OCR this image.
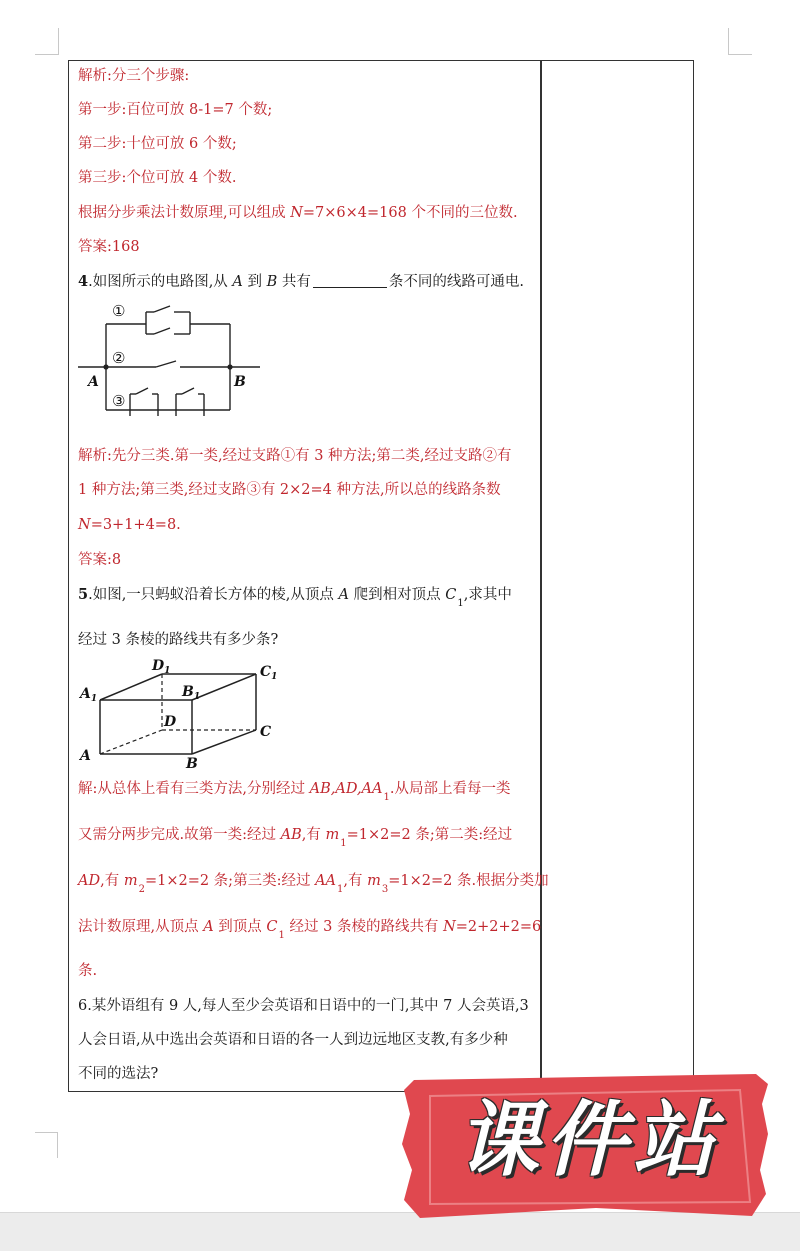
解析:分三个步骤:
第一步:百位可放 8-1=7 个数;
第二步:十位可放 6 个数;
第三步:个位可放 4 个数.
根据分步乘法计数原理,可以组成 N=7×6×4=168 个不同的三位数.
答案:168
4.如图所示的电路图,从 A 到 B 共有	条不同的线路可通电.
①
②
③
A	B
解析:先分三类.第一类,经过支路①有 3 种方法;第二类,经过支路②有
1 种方法;第三类,经过支路③有 2×2=4 种方法,所以总的线路条数
N=3+1+4=8.
答案:8
5.如图,一只蚂蚁沿着长方体的棱,从顶点 A 爬到相对顶点 $C_1$,求其中
经过 3 条棱的路线共有多少条?
$D_1$	$C_1$
$A_1$	$B_1$
D
C
A	B
解:从总体上看有三类方法,分别经过 $AB,AD,AA_1$.从局部上看每一类
又需分两步完成.故第一类:经过 AB,有 $m_1=1\times 2=2$ 条;第二类:经过
AD,有 $m_2=1\times 2=2$ 条;第三类:经过 $AA_1$,有 $m_3=1\times 2=2$ 条.根据分类加
法计数原理,从顶点 A 到顶点 $C_1$ 经过 3 条棱的路线共有 N=2+2+2=6
条.
6.某外语组有 9 人,每人至少会英语和日语中的一门,其中 7 人会英语,3
人会日语,从中选出会英语和日语的各一人到边远地区支教,有多少种
不同的选法?
课件站
